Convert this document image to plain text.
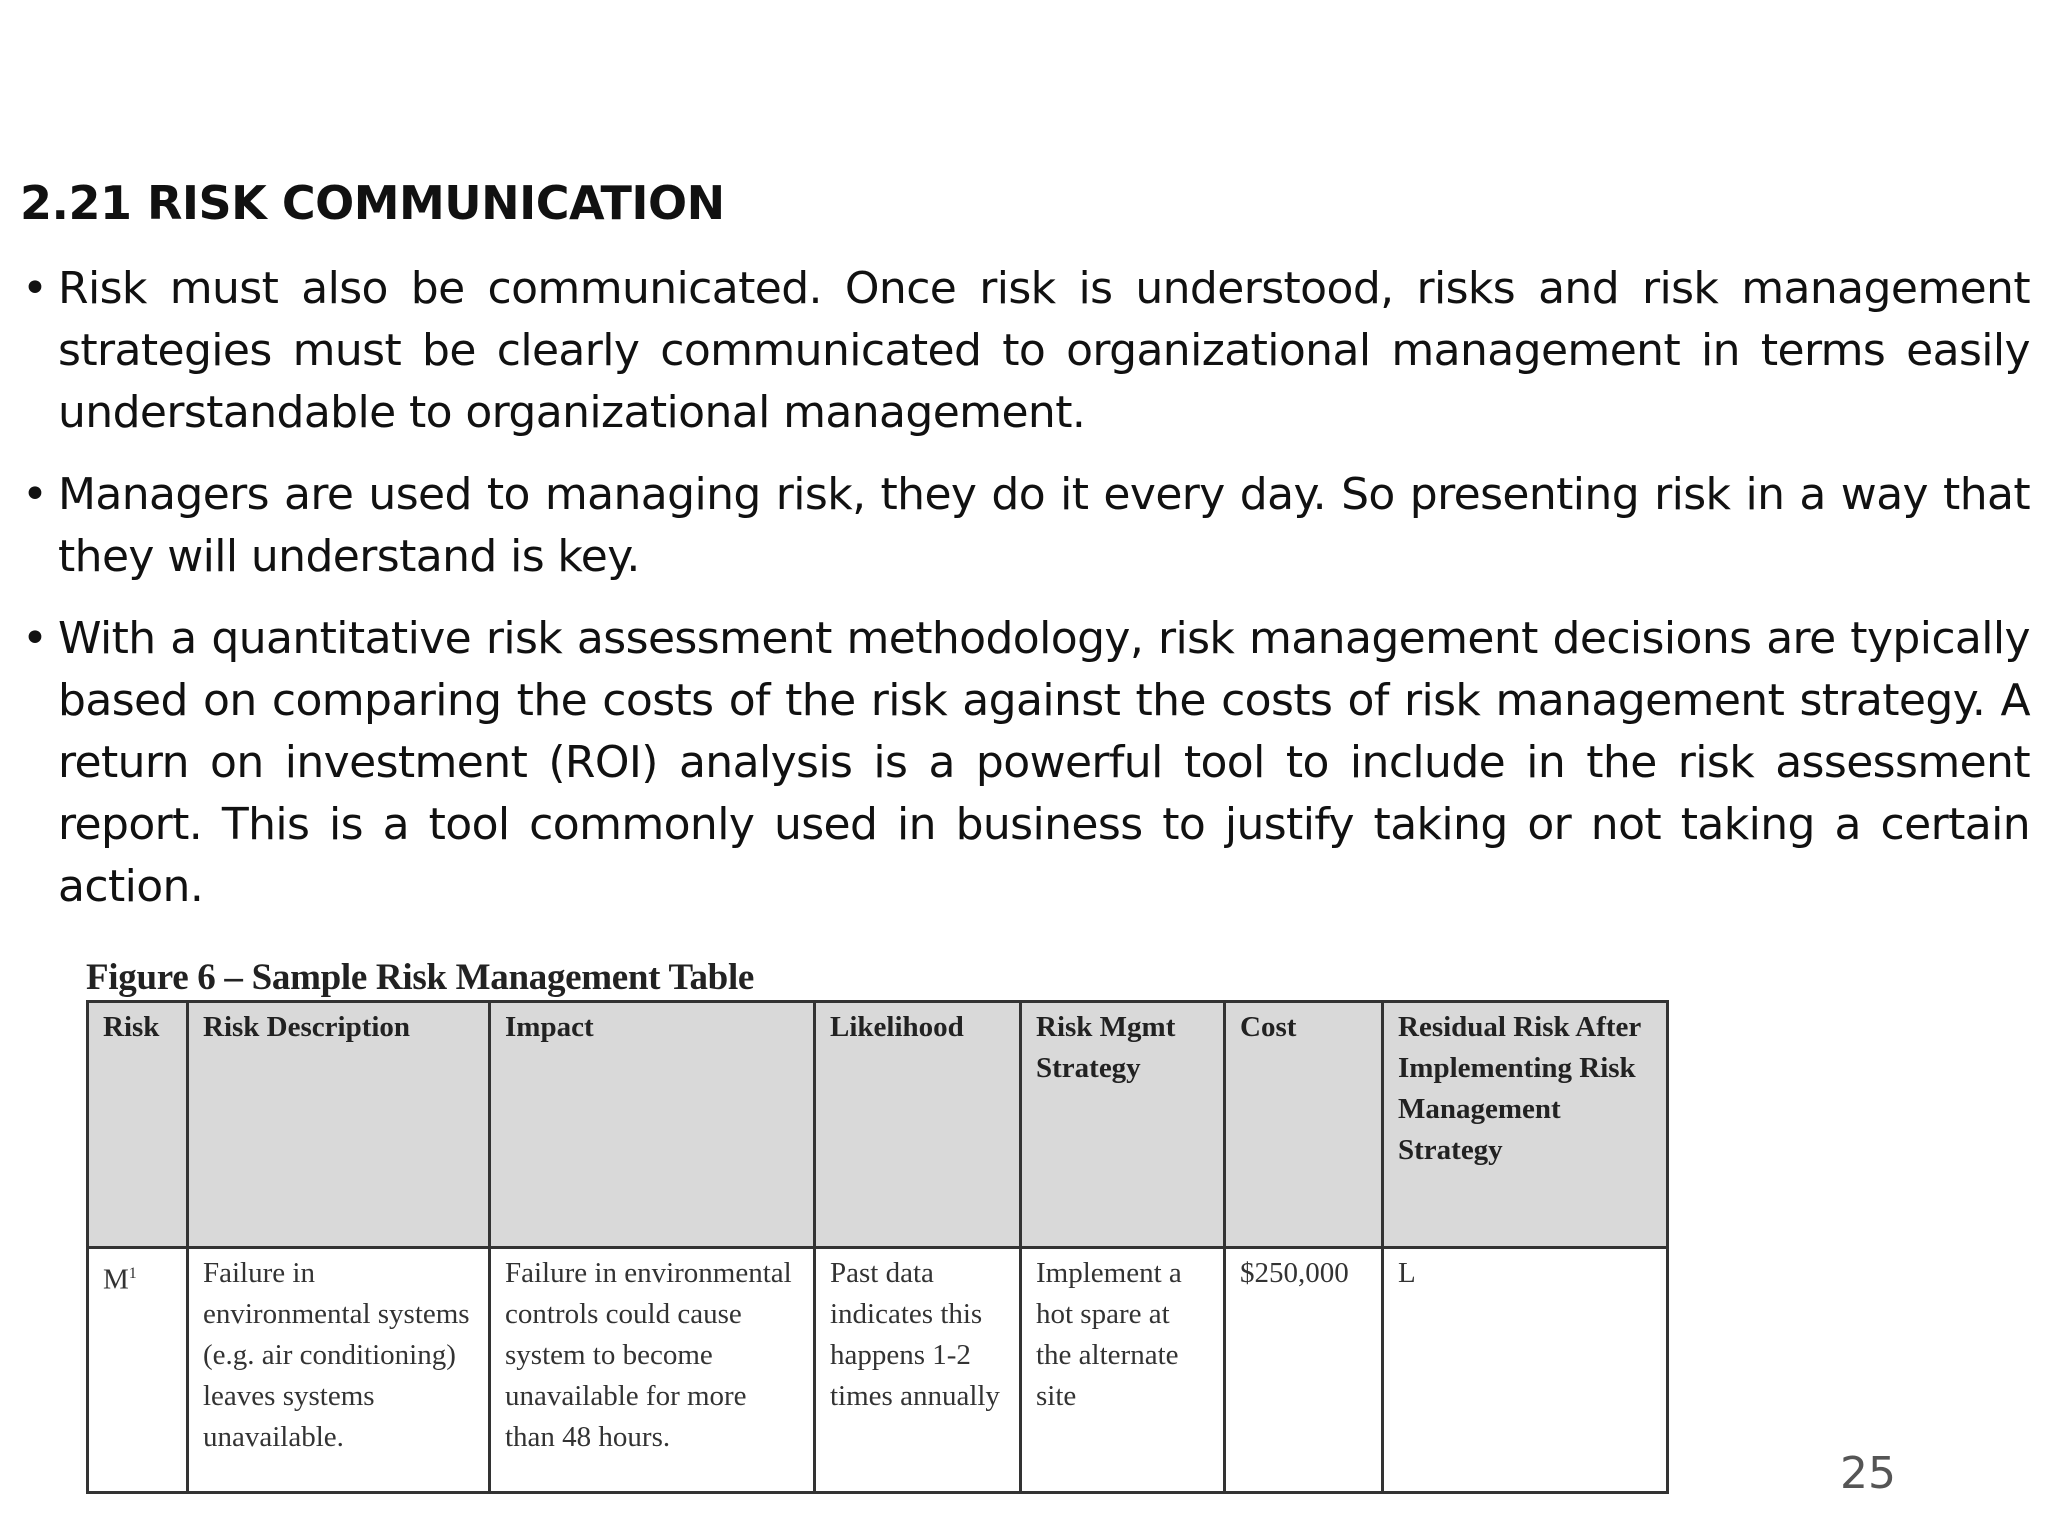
2.21 RISK COMMUNICATION
• Risk must also be communicated. Once risk is understood, risks and risk management strategies must be clearly communicated to organizational management in terms easily understandable to organizational management.
• Managers are used to managing risk, they do it every day. So presenting risk in a way that they will understand is key.
• With a quantitative risk assessment methodology, risk management decisions are typically based on comparing the costs of the risk against the costs of risk management strategy. A return on investment (ROI) analysis is a powerful tool to include in the risk assessment report. This is a tool commonly used in business to justify taking or not taking a certain action.
Figure 6 – Sample Risk Management Table
Risk	Risk Description	Impact	Likelihood	Risk Mgmt Strategy	Cost	Residual Risk After Implementing Risk Management Strategy
$M^1$	Failure in environmental systems (e.g. air conditioning) leaves systems unavailable.	Failure in environmental controls could cause system to become unavailable for more than 48 hours.	Past data indicates this happens 1-2 times annually	Implement a hot spare at the alternate site	$250,000	L
25
